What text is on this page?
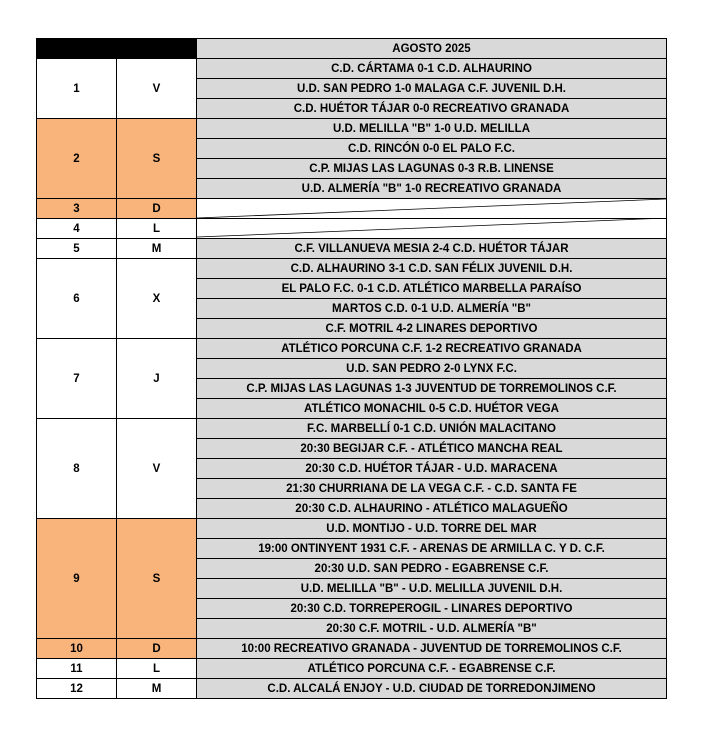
		AGOSTO 2025
1	V	C.D. CÁRTAMA 0-1 C.D. ALHAURINO
		U.D. SAN PEDRO 1-0 MALAGA C.F. JUVENIL D.H.
		C.D. HUÉTOR TÁJAR 0-0 RECREATIVO GRANADA
2	S	U.D. MELILLA "B" 1-0 U.D. MELILLA
		C.D. RINCÓN 0-0 EL PALO F.C.
		C.P. MIJAS LAS LAGUNAS 0-3 R.B. LINENSE
		U.D. ALMERÍA "B" 1-0 RECREATIVO GRANADA
3	D	

4	L	

5	M	C.F. VILLANUEVA MESIA 2-4 C.D. HUÉTOR TÁJAR
6	X	C.D. ALHAURINO 3-1 C.D. SAN FÉLIX JUVENIL D.H.
		EL PALO F.C. 0-1 C.D. ATLÉTICO MARBELLA PARAÍSO
		MARTOS C.D. 0-1 U.D. ALMERÍA "B"
		C.F. MOTRIL 4-2 LINARES DEPORTIVO
7	J	ATLÉTICO PORCUNA C.F. 1-2 RECREATIVO GRANADA
		U.D. SAN PEDRO 2-0 LYNX F.C.
		C.P. MIJAS LAS LAGUNAS 1-3 JUVENTUD DE TORREMOLINOS C.F.
		ATLÉTICO MONACHIL 0-5 C.D. HUÉTOR VEGA
8	V	F.C. MARBELLÍ 0-1 C.D. UNIÓN MALACITANO
		20:30 BEGIJAR C.F. - ATLÉTICO MANCHA REAL
		20:30 C.D. HUÉTOR TÁJAR - U.D. MARACENA
		21:30 CHURRIANA DE LA VEGA C.F. - C.D. SANTA FE
		20:30 C.D. ALHAURINO - ATLÉTICO MALAGUEÑO
9	S	U.D. MONTIJO - U.D. TORRE DEL MAR
		19:00 ONTINYENT 1931 C.F. - ARENAS DE ARMILLA C. Y D. C.F.
		20:30 U.D. SAN PEDRO - EGABRENSE C.F.
		U.D. MELILLA "B" - U.D. MELILLA JUVENIL D.H.
		20:30 C.D. TORREPEROGIL - LINARES DEPORTIVO
		20:30 C.F. MOTRIL - U.D. ALMERÍA "B"
10	D	10:00 RECREATIVO GRANADA - JUVENTUD DE TORREMOLINOS C.F.
11	L	ATLÉTICO PORCUNA C.F. - EGABRENSE C.F.
12	M	C.D. ALCALÁ ENJOY - U.D. CIUDAD DE TORREDONJIMENO
